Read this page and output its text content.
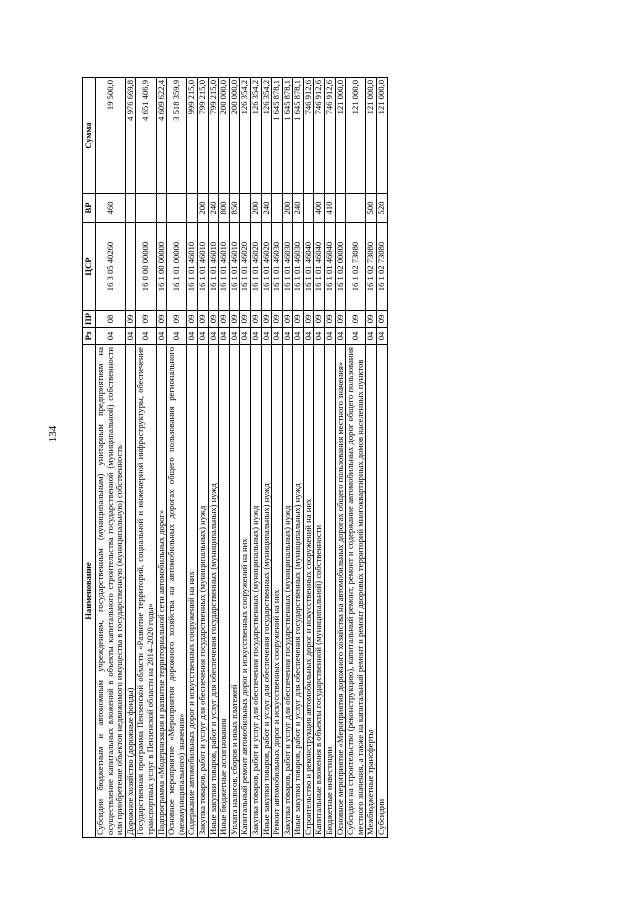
134
Наименование	Рз	ПР	ЦСР	ВР	Сумма
Субсидии бюджетным и автономным учреждениям, государственным (муниципальным) унитарным предприятиям на осуществление капитальных вложений в объекты капитального строительства государственной (муниципальной) собственности или приобретение объектов недвижимого имущества в государственную (муниципальную) собственность	04	08	16 3 05 40260	460	19 500,0
Дорожное хозяйство (дорожные фонды)	04	09			4 976 669,8
Государственная программа Пензенской области «Развитие территорий, социальной и инженерной инфраструктуры, обеспечение транспортных услуг в Пензенской области на 2014–2020 годы»	04	09	16 0 00 00000		4 651 406,9
Подпрограмма «Модернизация и развитие территориальной сети автомобильных дорог»	04	09	16 1 00 00000		4 609 622,4
Основное мероприятие «Мероприятия дорожного хозяйства на автомобильных дорогах общего пользования регионального (межмуниципального) значения»	04	09	16 1 01 00000		3 518 359,9
Содержание автомобильных дорог и искусственных сооружений на них	04	09	16 1 01 46010		999 215,0
Закупка товаров, работ и услуг для обеспечения государственных (муниципальных) нужд	04	09	16 1 01 46010	200	799 215,0
Иные закупки товаров, работ и услуг для обеспечения государственных (муниципальных) нужд	04	09	16 1 01 46010	240	799 215,0
Иные бюджетные ассигнования	04	09	16 1 01 46010	800	200 000,0
Уплата налогов, сборов и иных платежей	04	09	16 1 01 46010	850	200 000,0
Капитальный ремонт автомобильных дорог и искусственных сооружений на них	04	09	16 1 01 46020		126 354,2
Закупка товаров, работ и услуг для обеспечения государственных (муниципальных) нужд	04	09	16 1 01 46020	200	126 354,2
Иные закупки товаров, работ и услуг для обеспечения государственных (муниципальных) нужд	04	09	16 1 01 46020	240	126 354,2
Ремонт автомобильных дорог и искусственных сооружений на них	04	09	16 1 01 46030		1 645 878,1
Закупка товаров, работ и услуг для обеспечения государственных (муниципальных) нужд	04	09	16 1 01 46030	200	1 645 878,1
Иные закупки товаров, работ и услуг для обеспечения государственных (муниципальных) нужд	04	09	16 1 01 46030	240	1 645 878,1
Строительство и реконструкция автомобильных дорог и искусственных сооружений на них	04	09	16 1 01 46040		746 912,6
Капитальные вложения в объекты государственной (муниципальной) собственности	04	09	16 1 01 46040	400	746 912,6
Бюджетные инвестиции	04	09	16 1 01 46040	410	746 912,6
Основное мероприятие «Мероприятия дорожного хозяйства на автомобильных дорогах общего пользования местного значения»	04	09	16 1 02 00000		121 000,0
Субсидии на строительство (реконструкцию), капитальный ремонт, ремонт и содержание автомобильных дорог общего пользования местного значения, а также на капитальный ремонт и ремонт дворовых территорий многоквартирных домов населенных пунктов	04	09	16 1 02 73080		121 000,0
Межбюджетные трансферты	04	09	16 1 02 73080	500	121 000,0
Субсидии	04	09	16 1 02 73080	520	121 000,0
